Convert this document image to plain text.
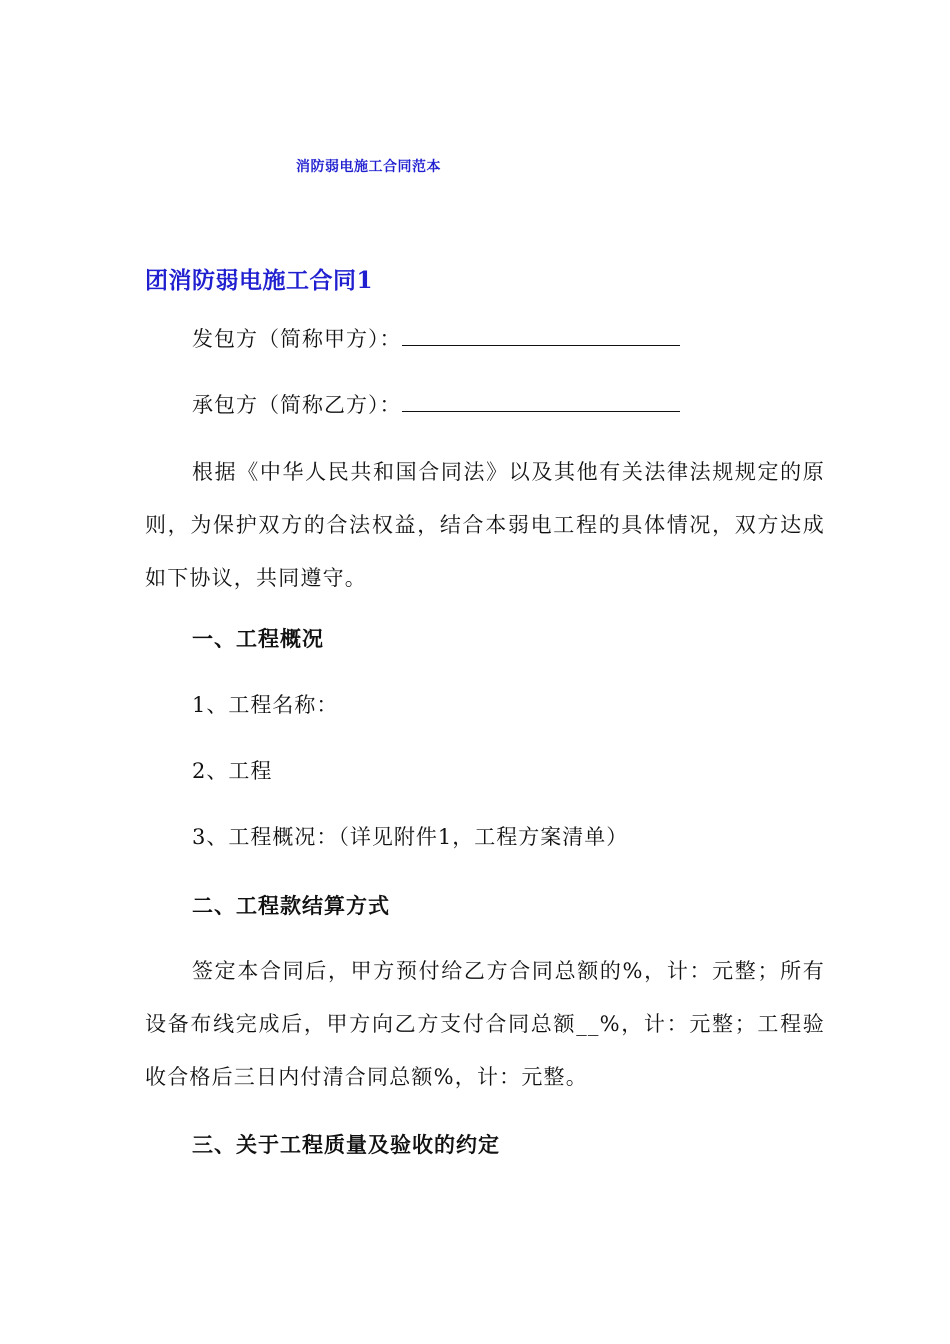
消防弱电施工合同范本
团消防弱电施工合同1
发包方（简称甲方）：
承包方（简称乙方）：

根据《中华人民共和国合同法》以及其他有关法律法规规定的原则，为保护双方的合法权益，结合本弱电工程的具体情况，双方达成如下协议，共同遵守。

一、工程概况
1、工程名称：
2、工程
3、工程概况：（详见附件1，工程方案清单）
二、工程款结算方式

签定本合同后，甲方预付给乙方合同总额的%，计：元整；所有设备布线完成后，甲方向乙方支付合同总额__%，计：元整；工程验收合格后三日内付清合同总额%，计：元整。

三、关于工程质量及验收的约定
